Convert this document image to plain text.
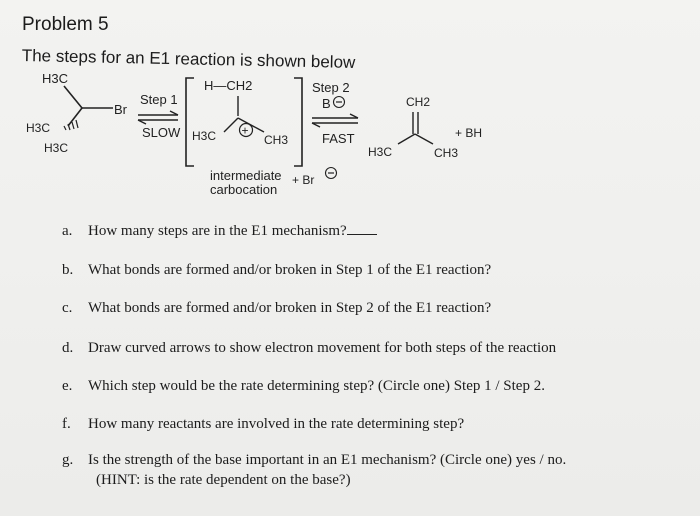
Problem 5
The steps for an E1 reaction is shown below
H3C
H3C
H3C
Br
Step 1
SLOW
H—CH2
H3C +
CH3
Step 2
B
FAST
CH2
H3C	CH3
+ BH
intermediate
carbocation
+ Br
a. How many steps are in the E1 mechanism?
b. What bonds are formed and/or broken in Step 1 of the E1 reaction?
c. What bonds are formed and/or broken in Step 2 of the E1 reaction?
d. Draw curved arrows to show electron movement for both steps of the reaction
e. Which step would be the rate determining step? (Circle one) Step 1 / Step 2.
f. How many reactants are involved in the rate determining step?
g. Is the strength of the base important in an E1 mechanism? (Circle one) yes / no.
(HINT: is the rate dependent on the base?)
